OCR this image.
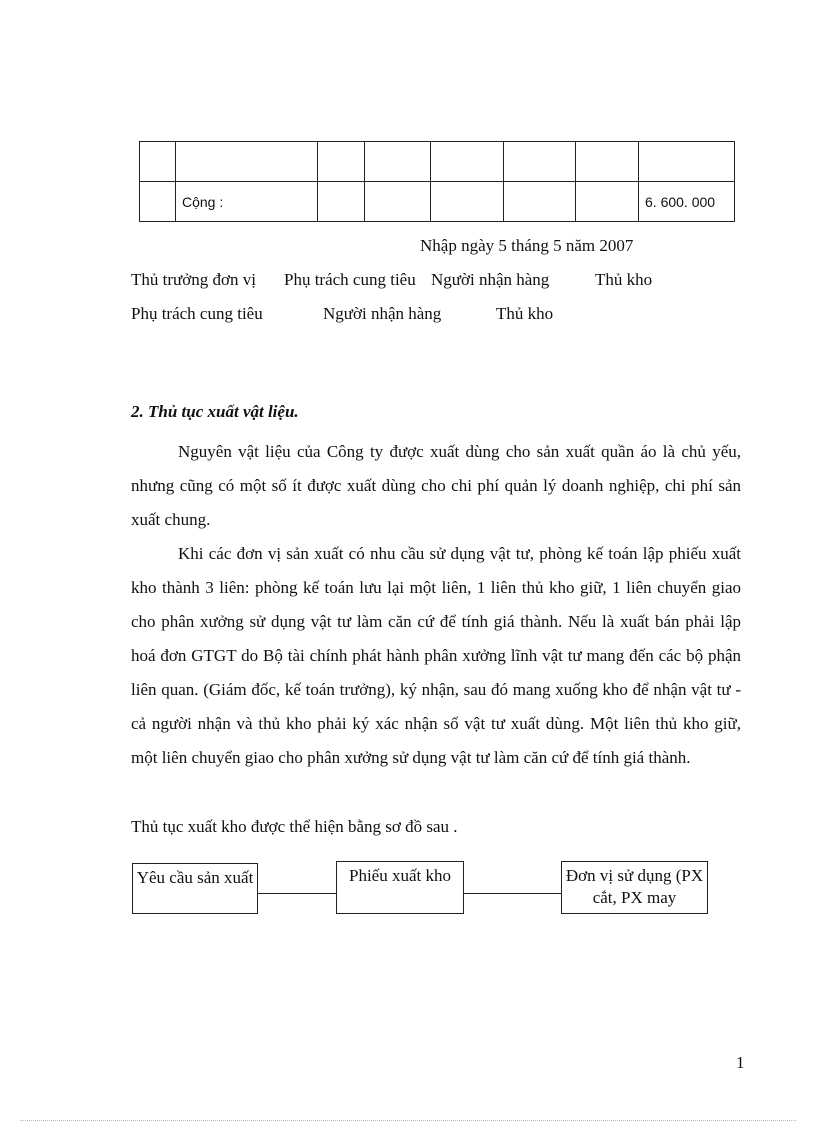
	Cộng :						6. 600. 000
Nhập ngày 5 tháng 5 năm 2007
Thủ trưởng đơn vị Phụ trách cung tiêu Người nhận hàng	Thủ kho
Phụ trách cung tiêu	Người nhận hàng	Thủ kho
2. Thủ tục xuất vật liệu.
Nguyên vật liệu của Công ty được xuất dùng cho sản xuất quần áo là chủ yếu, nhưng cũng có một số ít được xuất dùng cho chi phí quản lý doanh nghiệp, chi phí sản xuất chung.
Khi các đơn vị sản xuất có nhu cầu sử dụng vật tư, phòng kế toán lập phiếu xuất kho thành 3 liên: phòng kế toán lưu lại một liên, 1 liên thủ kho giữ, 1 liên chuyển giao cho phân xưởng sử dụng vật tư làm căn cứ để tính giá thành. Nếu là xuất bán phải lập hoá đơn GTGT do Bộ tài chính phát hành phân xưởng lĩnh vật tư mang đến các bộ phận liên quan. (Giám đốc, kế toán trưởng), ký nhận, sau đó mang xuống kho để nhận vật tư - cả người nhận và thủ kho phải ký xác nhận số vật tư xuất dùng. Một liên thủ kho giữ, một liên chuyển giao cho phân xưởng sử dụng vật tư làm căn cứ để tính giá thành.
Thủ tục xuất kho được thể hiện bằng sơ đồ sau .
Yêu cầu sản xuất	Phiếu xuất kho	Đơn vị sử dụng (PX cắt, PX may
1
